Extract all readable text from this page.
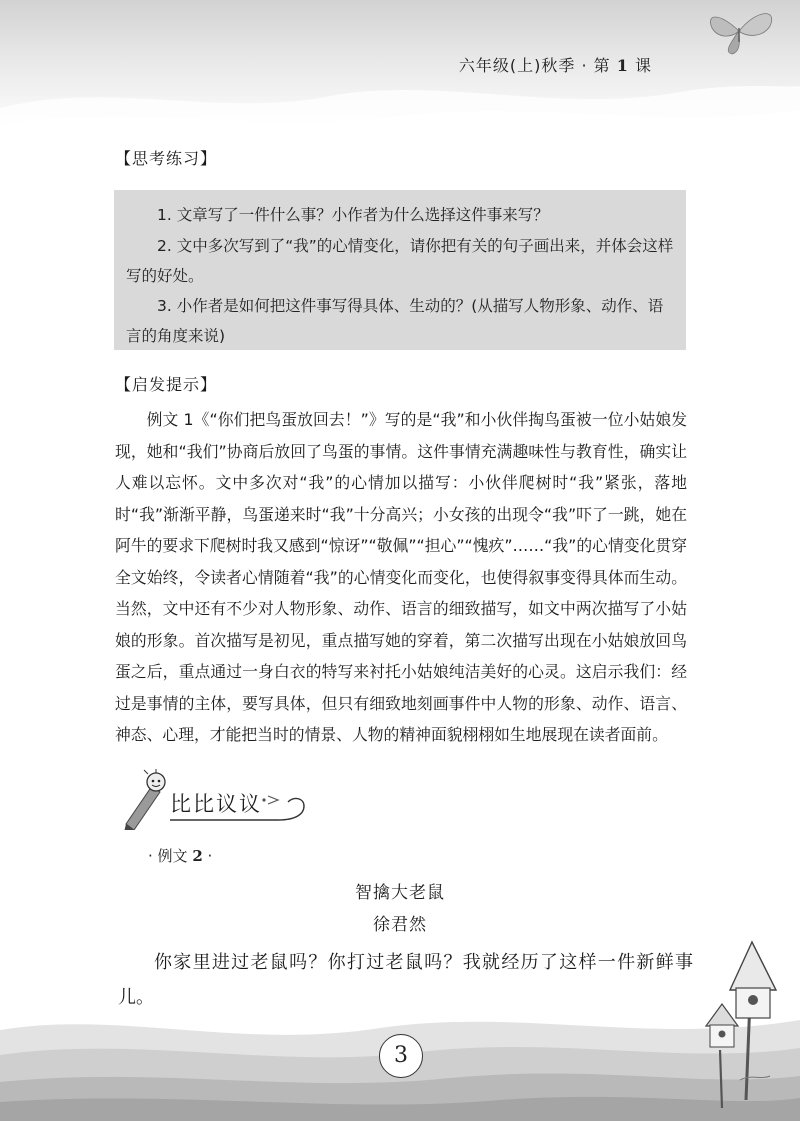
六年级(上)秋季 · 第 1 课
【思考练习】

1. 文章写了一件什么事？小作者为什么选择这件事来写？

2. 文中多次写到了“我”的心情变化，请你把有关的句子画出来，并体会这样写的好处。

3. 小作者是如何把这件事写得具体、生动的？(从描写人物形象、动作、语言的角度来说)

【启发提示】

例文 1《“你们把鸟蛋放回去！”》写的是“我”和小伙伴掏鸟蛋被一位小姑娘发现，她和“我们”协商后放回了鸟蛋的事情。这件事情充满趣味性与教育性，确实让人难以忘怀。文中多次对“我”的心情加以描写：小伙伴爬树时“我”紧张，落地时“我”渐渐平静，鸟蛋递来时“我”十分高兴；小女孩的出现令“我”吓了一跳，她在阿牛的要求下爬树时我又感到“惊讶”“敬佩”“担心”“愧疚”……“我”的心情变化贯穿全文始终，令读者心情随着“我”的心情变化而变化，也使得叙事变得具体而生动。当然，文中还有不少对人物形象、动作、语言的细致描写，如文中两次描写了小姑娘的形象。首次描写是初见，重点描写她的穿着，第二次描写出现在小姑娘放回鸟蛋之后，重点通过一身白衣的特写来衬托小姑娘纯洁美好的心灵。这启示我们：经过是事情的主体，要写具体，但只有细致地刻画事件中人物的形象、动作、语言、神态、心理，才能把当时的情景、人物的精神面貌栩栩如生地展现在读者面前。

比比议议
· 例文 2 ·
智擒大老鼠
徐君然

你家里进过老鼠吗？你打过老鼠吗？我就经历了这样一件新鲜事儿。

3
